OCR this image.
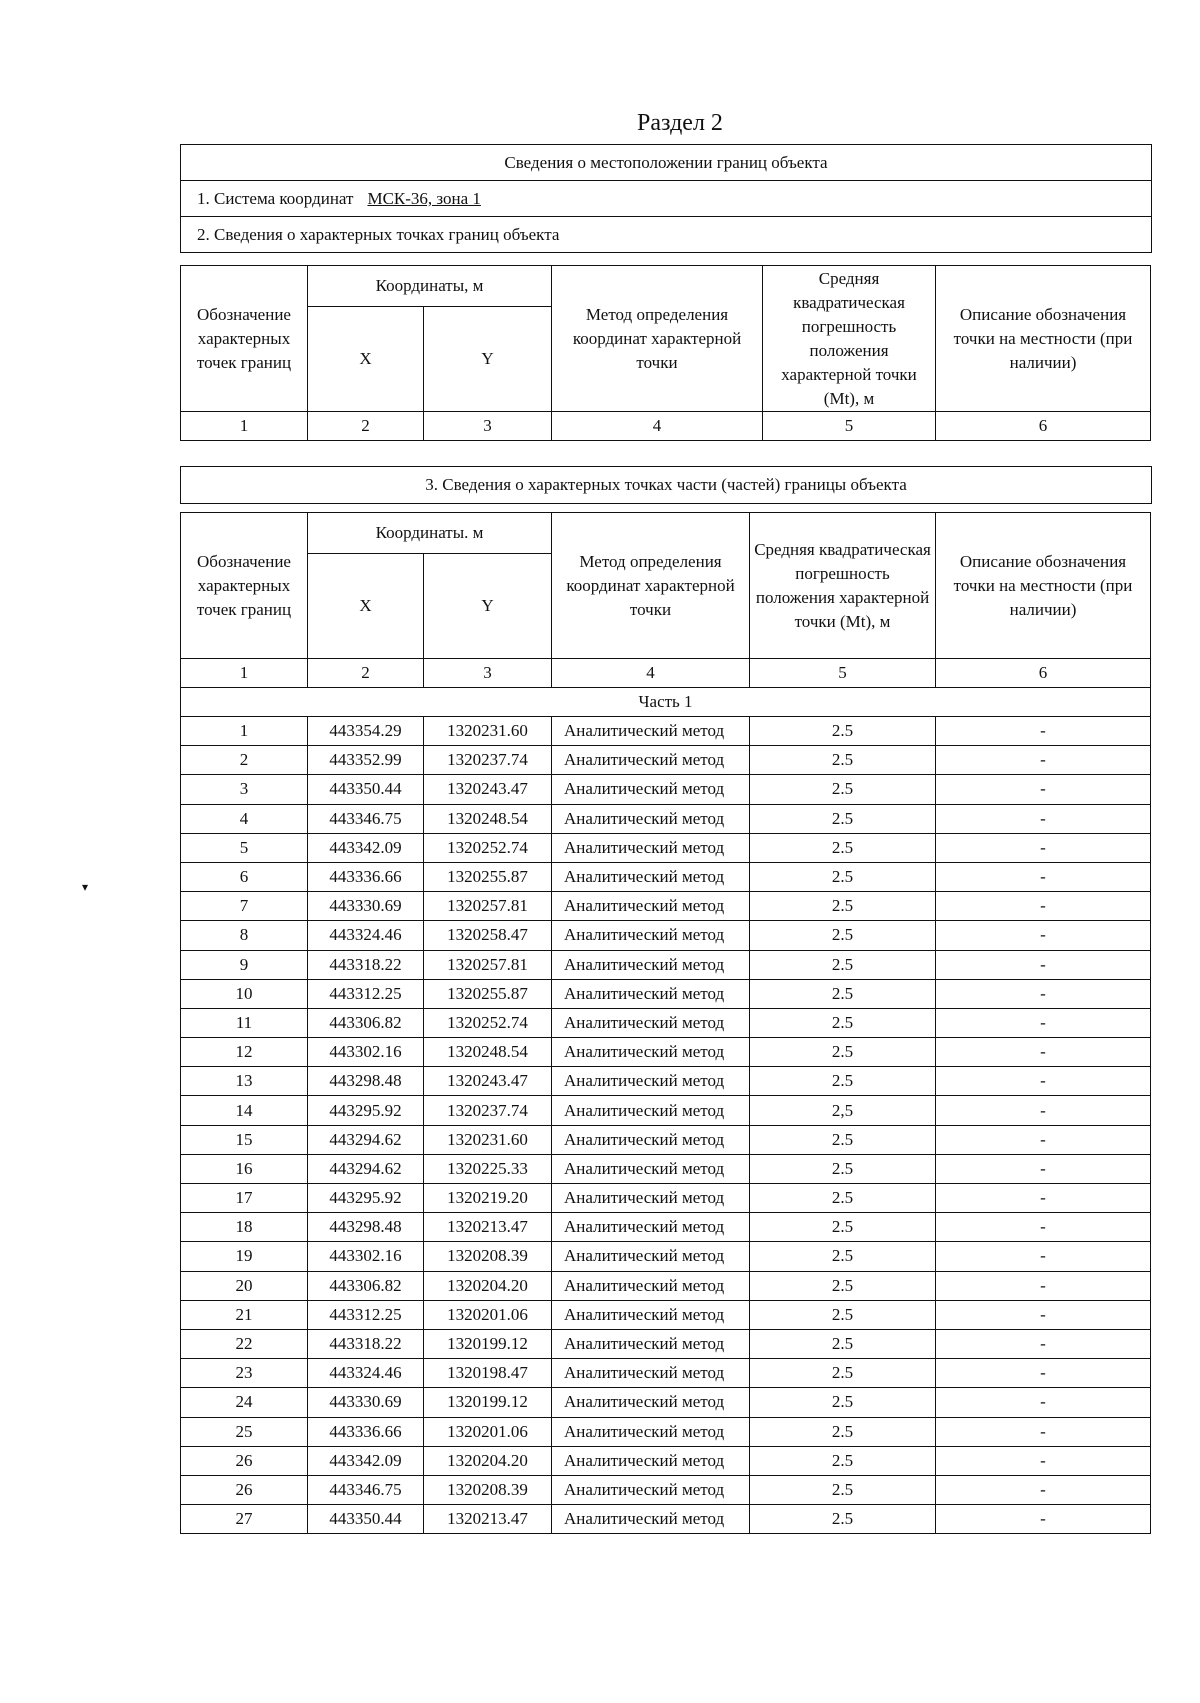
Раздел 2
Сведения о местоположении границ объекта
1. Система координат МСК-36, зона 1
2. Сведения о характерных точках границ объекта
Обозначение характерных точек границ	Координаты, м		Метод определения координат характерной точки	Средняя квадратическая погрешность положения характерной точки (Mt), м	Описание обозначения точки на местности (при наличии)
	X	Y			
1	2	3	4	5	6
3. Сведения о характерных точках части (частей) границы объекта
Обозначение характерных точек границ	Координаты. м		Метод определения координат характерной точки	Средняя квадратическая погрешность положения характерной точки (Mt), м	Описание обозначения точки на местности (при наличии)
	X	Y			
1	2	3	4	5	6
Часть 1					
1	443354.29	1320231.60	Аналитический метод	2.5	-
2	443352.99	1320237.74	Аналитический метод	2.5	-
3	443350.44	1320243.47	Аналитический метод	2.5	-
4	443346.75	1320248.54	Аналитический метод	2.5	-
5	443342.09	1320252.74	Аналитический метод	2.5	-
6	443336.66	1320255.87	Аналитический метод	2.5	-
7	443330.69	1320257.81	Аналитический метод	2.5	-
8	443324.46	1320258.47	Аналитический метод	2.5	-
9	443318.22	1320257.81	Аналитический метод	2.5	-
10	443312.25	1320255.87	Аналитический метод	2.5	-
11	443306.82	1320252.74	Аналитический метод	2.5	-
12	443302.16	1320248.54	Аналитический метод	2.5	-
13	443298.48	1320243.47	Аналитический метод	2.5	-
14	443295.92	1320237.74	Аналитический метод	2,5	-
15	443294.62	1320231.60	Аналитический метод	2.5	-
16	443294.62	1320225.33	Аналитический метод	2.5	-
17	443295.92	1320219.20	Аналитический метод	2.5	-
18	443298.48	1320213.47	Аналитический метод	2.5	-
19	443302.16	1320208.39	Аналитический метод	2.5	-
20	443306.82	1320204.20	Аналитический метод	2.5	-
21	443312.25	1320201.06	Аналитический метод	2.5	-
22	443318.22	1320199.12	Аналитический метод	2.5	-
23	443324.46	1320198.47	Аналитический метод	2.5	-
24	443330.69	1320199.12	Аналитический метод	2.5	-
25	443336.66	1320201.06	Аналитический метод	2.5	-
26	443342.09	1320204.20	Аналитический метод	2.5	-
26	443346.75	1320208.39	Аналитический метод	2.5	-
27	443350.44	1320213.47	Аналитический метод	2.5	-
▾
